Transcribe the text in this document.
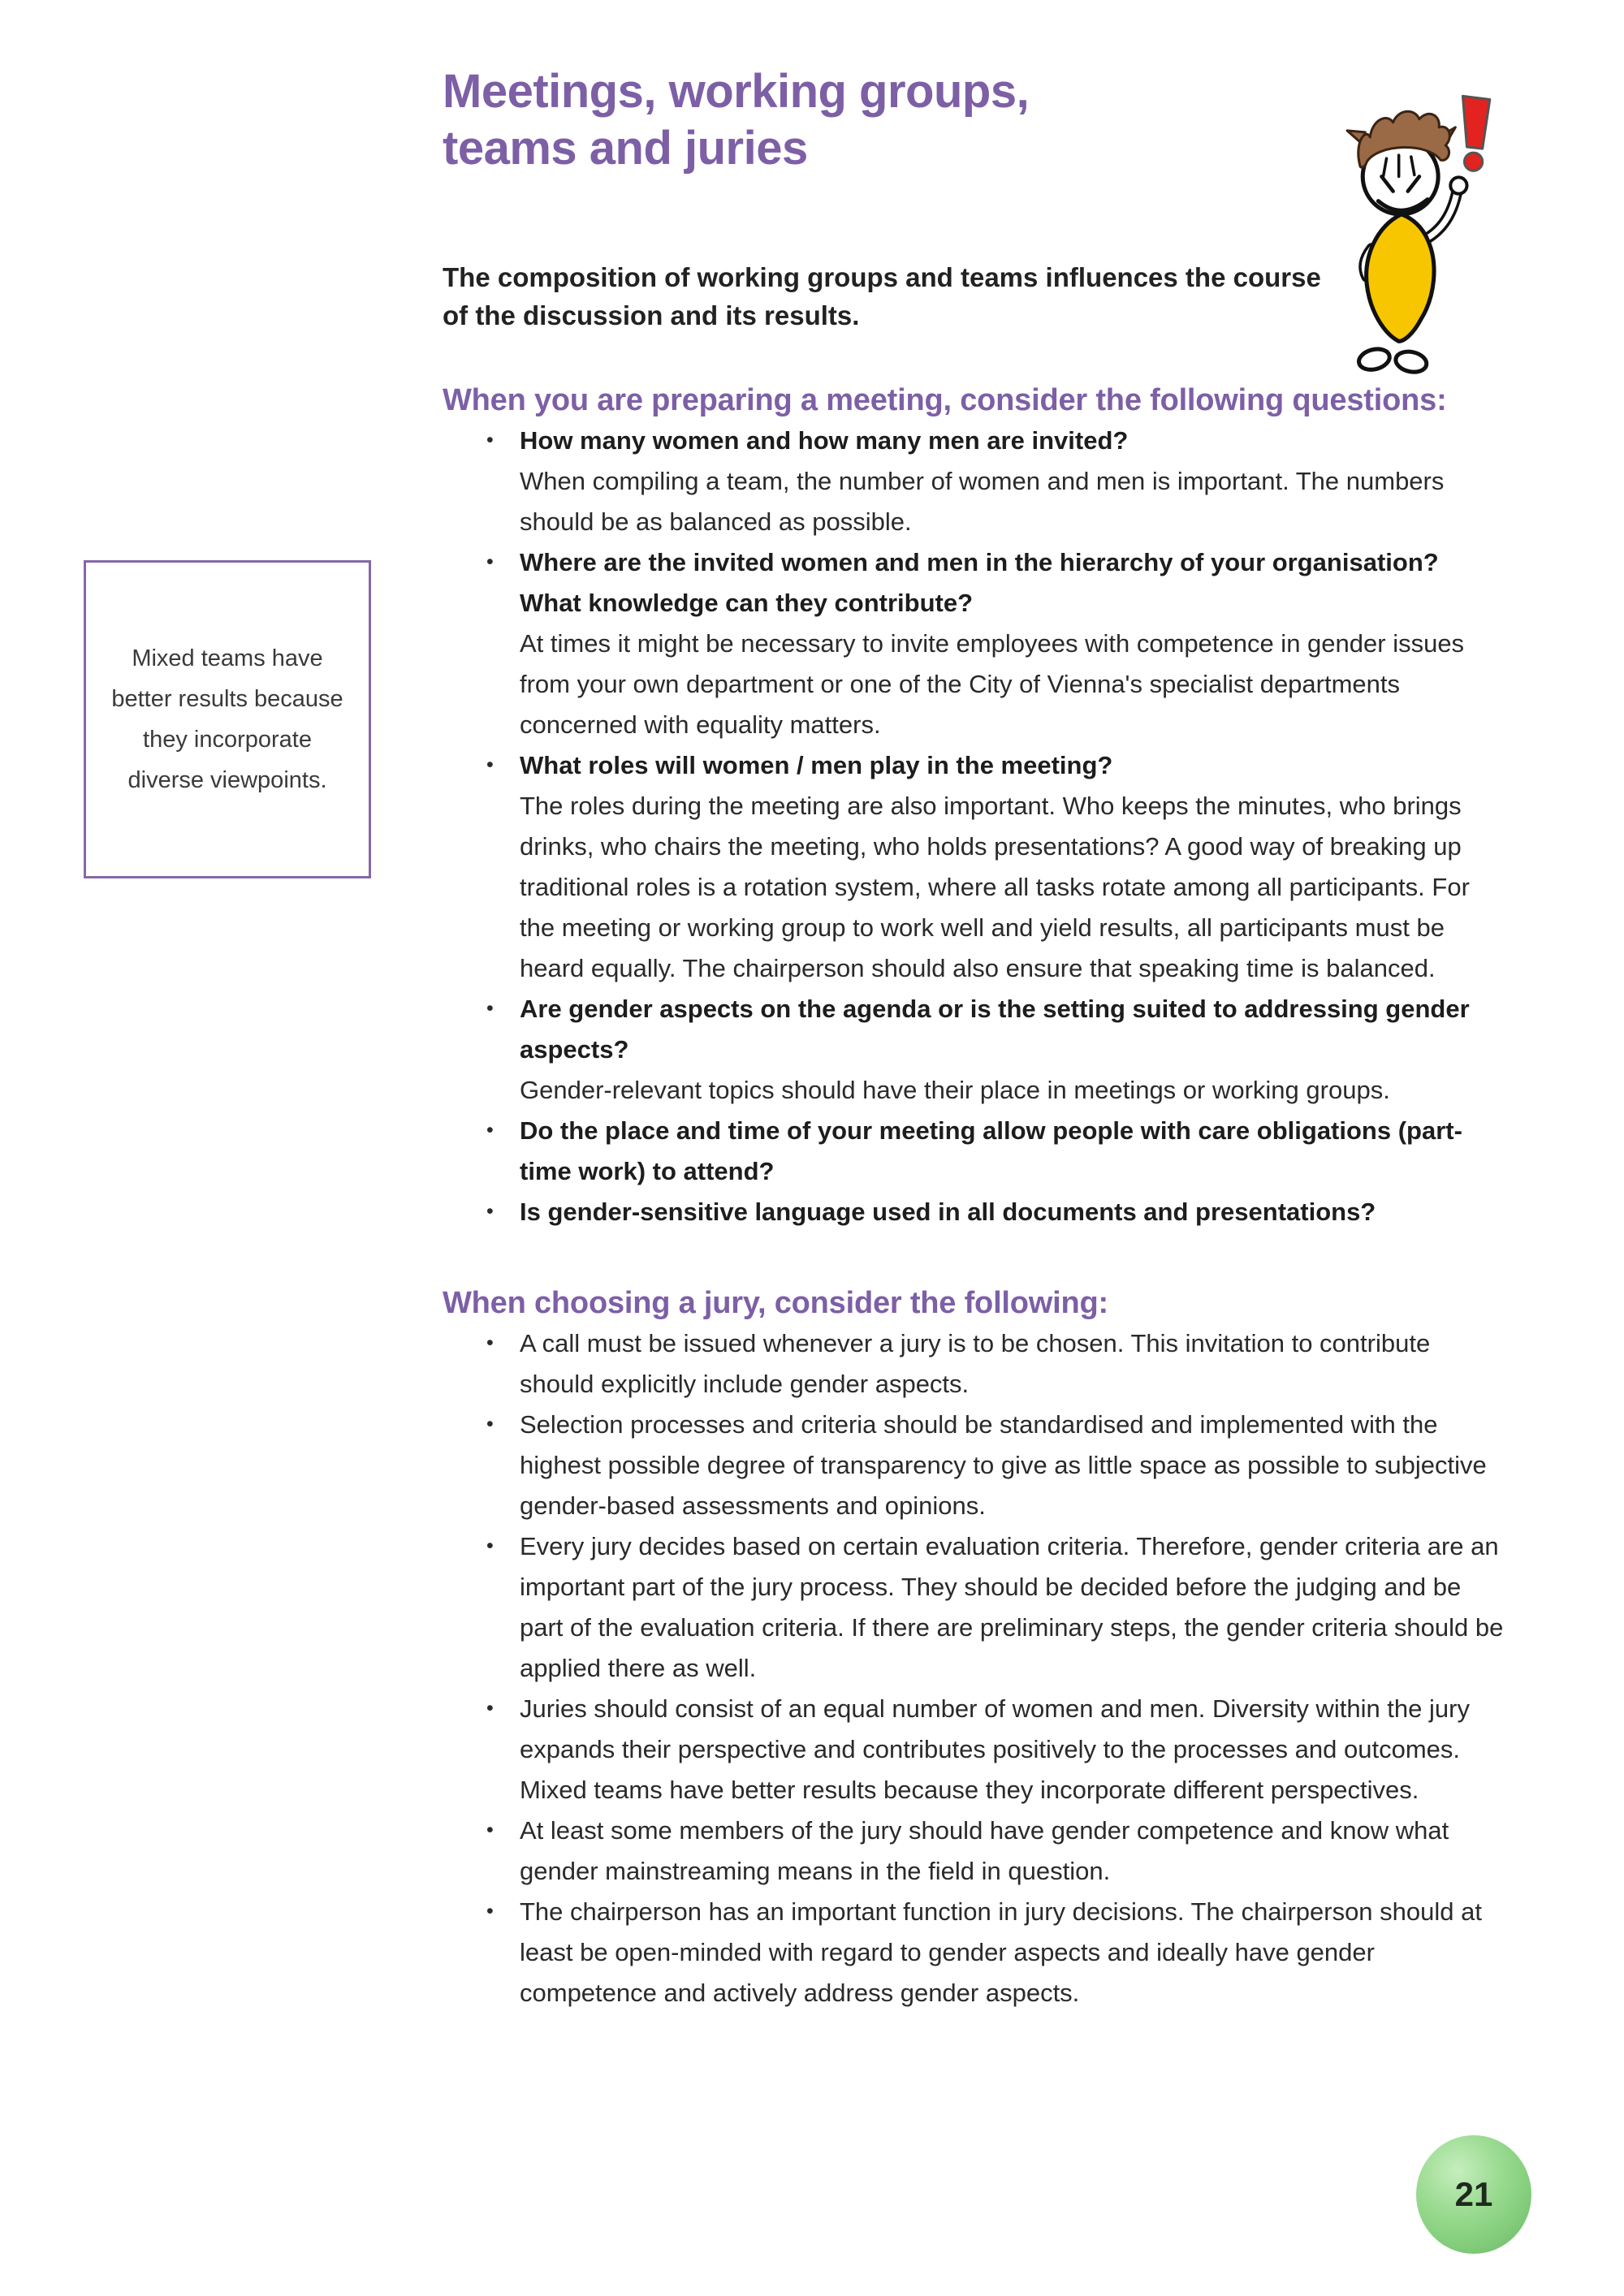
Mixed teams have better results because they incorporate diverse viewpoints.

Meetings, working groups,
teams and juries

The composition of working groups and teams influences the course of the discussion and its results.

When you are preparing a meeting, consider the following questions:
•	How many women and how many men are invited?
When compiling a team, the number of women and men is important. The numbers should be as balanced as possible.
•	Where are the invited women and men in the hierarchy of your organisation? What knowledge can they contribute?
At times it might be necessary to invite employees with competence in gender issues from your own department or one of the City of Vienna's specialist departments concerned with equality matters.
•	What roles will women / men play in the meeting?
The roles during the meeting are also important. Who keeps the minutes, who brings drinks, who chairs the meeting, who holds presentations? A good way of breaking up traditional roles is a rotation system, where all tasks rotate among all participants. For the meeting or working group to work well and yield results, all participants must be heard equally. The chairperson should also ensure that speaking time is balanced.
•	Are gender aspects on the agenda or is the setting suited to addressing gender aspects?
Gender-relevant topics should have their place in meetings or working groups.
•	Do the place and time of your meeting allow people with care obligations (part-time work) to attend?
•	Is gender-sensitive language used in all documents and presentations?
When choosing a jury, consider the following:
•	A call must be issued whenever a jury is to be chosen. This invitation to contribute should explicitly include gender aspects.
•	Selection processes and criteria should be standardised and implemented with the highest possible degree of transparency to give as little space as possible to subjective gender-based assessments and opinions.
•	Every jury decides based on certain evaluation criteria. Therefore, gender criteria are an important part of the jury process. They should be decided before the judging and be part of the evaluation criteria. If there are preliminary steps, the gender criteria should be applied there as well.
•	Juries should consist of an equal number of women and men. Diversity within the jury expands their perspective and contributes positively to the processes and outcomes. Mixed teams have better results because they incorporate different perspectives.
•	At least some members of the jury should have gender competence and know what gender mainstreaming means in the field in question.
•	The chairperson has an important function in jury decisions. The chairperson should at least be open-minded with regard to gender aspects and ideally have gender competence and actively address gender aspects.
21
